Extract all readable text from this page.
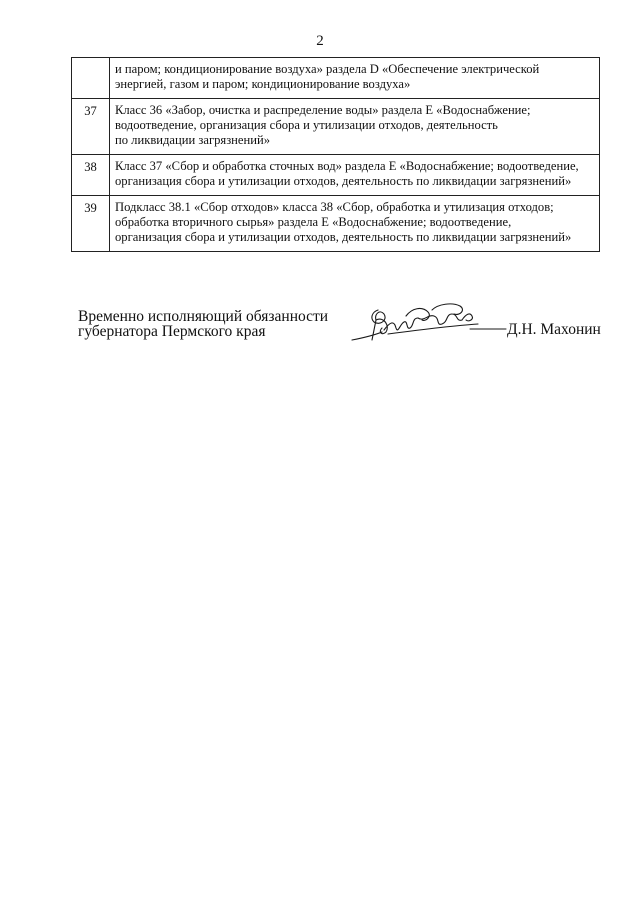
2

	и паром; кондиционирование воздуха» раздела D «Обеспечение электрической
энергией, газом и паром; кондиционирование воздуха»

37	Класс 36 «Забор, очистка и распределение воды» раздела Е «Водоснабжение;
водоотведение, организация сбора и утилизации отходов, деятельность
по ликвидации загрязнений»

38	Класс 37 «Сбор и обработка сточных вод» раздела Е «Водоснабжение; водоотведение,
организация сбора и утилизации отходов, деятельность по ликвидации загрязнений»

39	Подкласс 38.1 «Сбор отходов» класса 38 «Сбор, обработка и утилизация отходов;
обработка вторичного сырья» раздела Е «Водоснабжение; водоотведение,
организация сбора и утилизации отходов, деятельность по ликвидации загрязнений»
Временно исполняющий обязанности
губернатора Пермского края	Д.Н. Махонин
